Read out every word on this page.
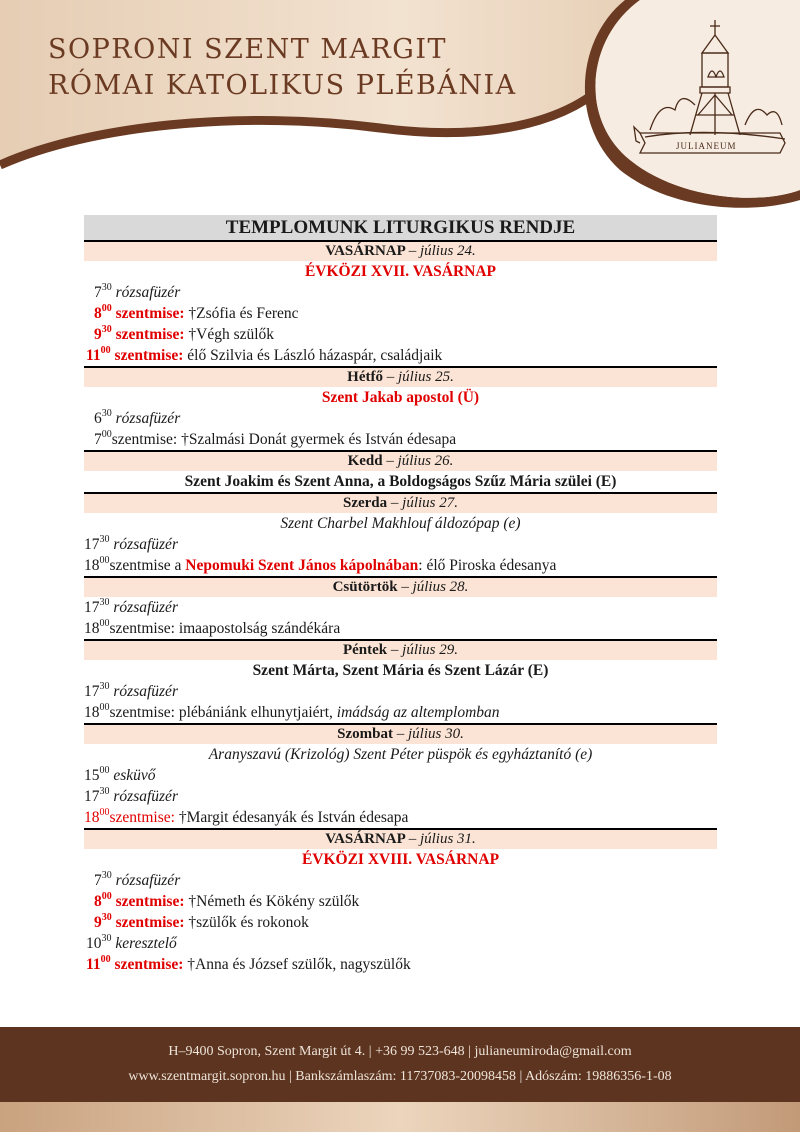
SOPRONI SZENT MARGIT
RÓMAI KATOLIKUS PLÉBÁNIA
JULIANEUM
TEMPLOMUNK LITURGIKUS RENDJE
VASÁRNAP – július 24.
ÉVKÖZI XVII. VASÁRNAP
$7^{30}$ rózsafüzér
$8^{00}$ szentmise: †Zsófia és Ferenc
$9^{30}$ szentmise: †Végh szülők
$11^{00}$ szentmise: élő Szilvia és László házaspár, családjaik
Hétfő – július 25.
Szent Jakab apostol (Ü)
$6^{30}$ rózsafüzér
$7^{00}szentmise$: †Szalmási Donát gyermek és István édesapa
Kedd – július 26.
Szent Joakim és Szent Anna, a Boldogságos Szűz Mária szülei (E)
Szerda – július 27.
Szent Charbel Makhlouf áldozópap (e)
$17^{30}$ rózsafüzér
$18^{00}szentmise$ a Nepomuki Szent János kápolnában: élő Piroska édesanya
Csütörtök – július 28.
$17^{30}$ rózsafüzér
$18^{00}szentmise$: imaapostolság szándékára
Péntek – július 29.
Szent Márta, Szent Mária és Szent Lázár (E)
$17^{30}$ rózsafüzér
$18^{00}szentmise$: plébániánk elhunytjaiért, imádság az altemplomban
Szombat – július 30.
Aranyszavú (Krizológ) Szent Péter püspök és egyháztanító (e)
$15^{00}$ esküvő
$17^{30}$ rózsafüzér
$18^{00}szentmise$: †Margit édesanyák és István édesapa
VASÁRNAP – július 31.
ÉVKÖZI XVIII. VASÁRNAP
$7^{30}$ rózsafüzér
$8^{00}$ szentmise: †Németh és Kökény szülők
$9^{30}$ szentmise: †szülők és rokonok
$10^{30}$ keresztelő
$11^{00}$ szentmise: †Anna és József szülők, nagyszülők
H–9400 Sopron, Szent Margit út 4. | +36 99 523-648 | julianeumiroda@gmail.com
www.szentmargit.sopron.hu | Bankszámlaszám: 11737083-20098458 | Adószám: 19886356-1-08
